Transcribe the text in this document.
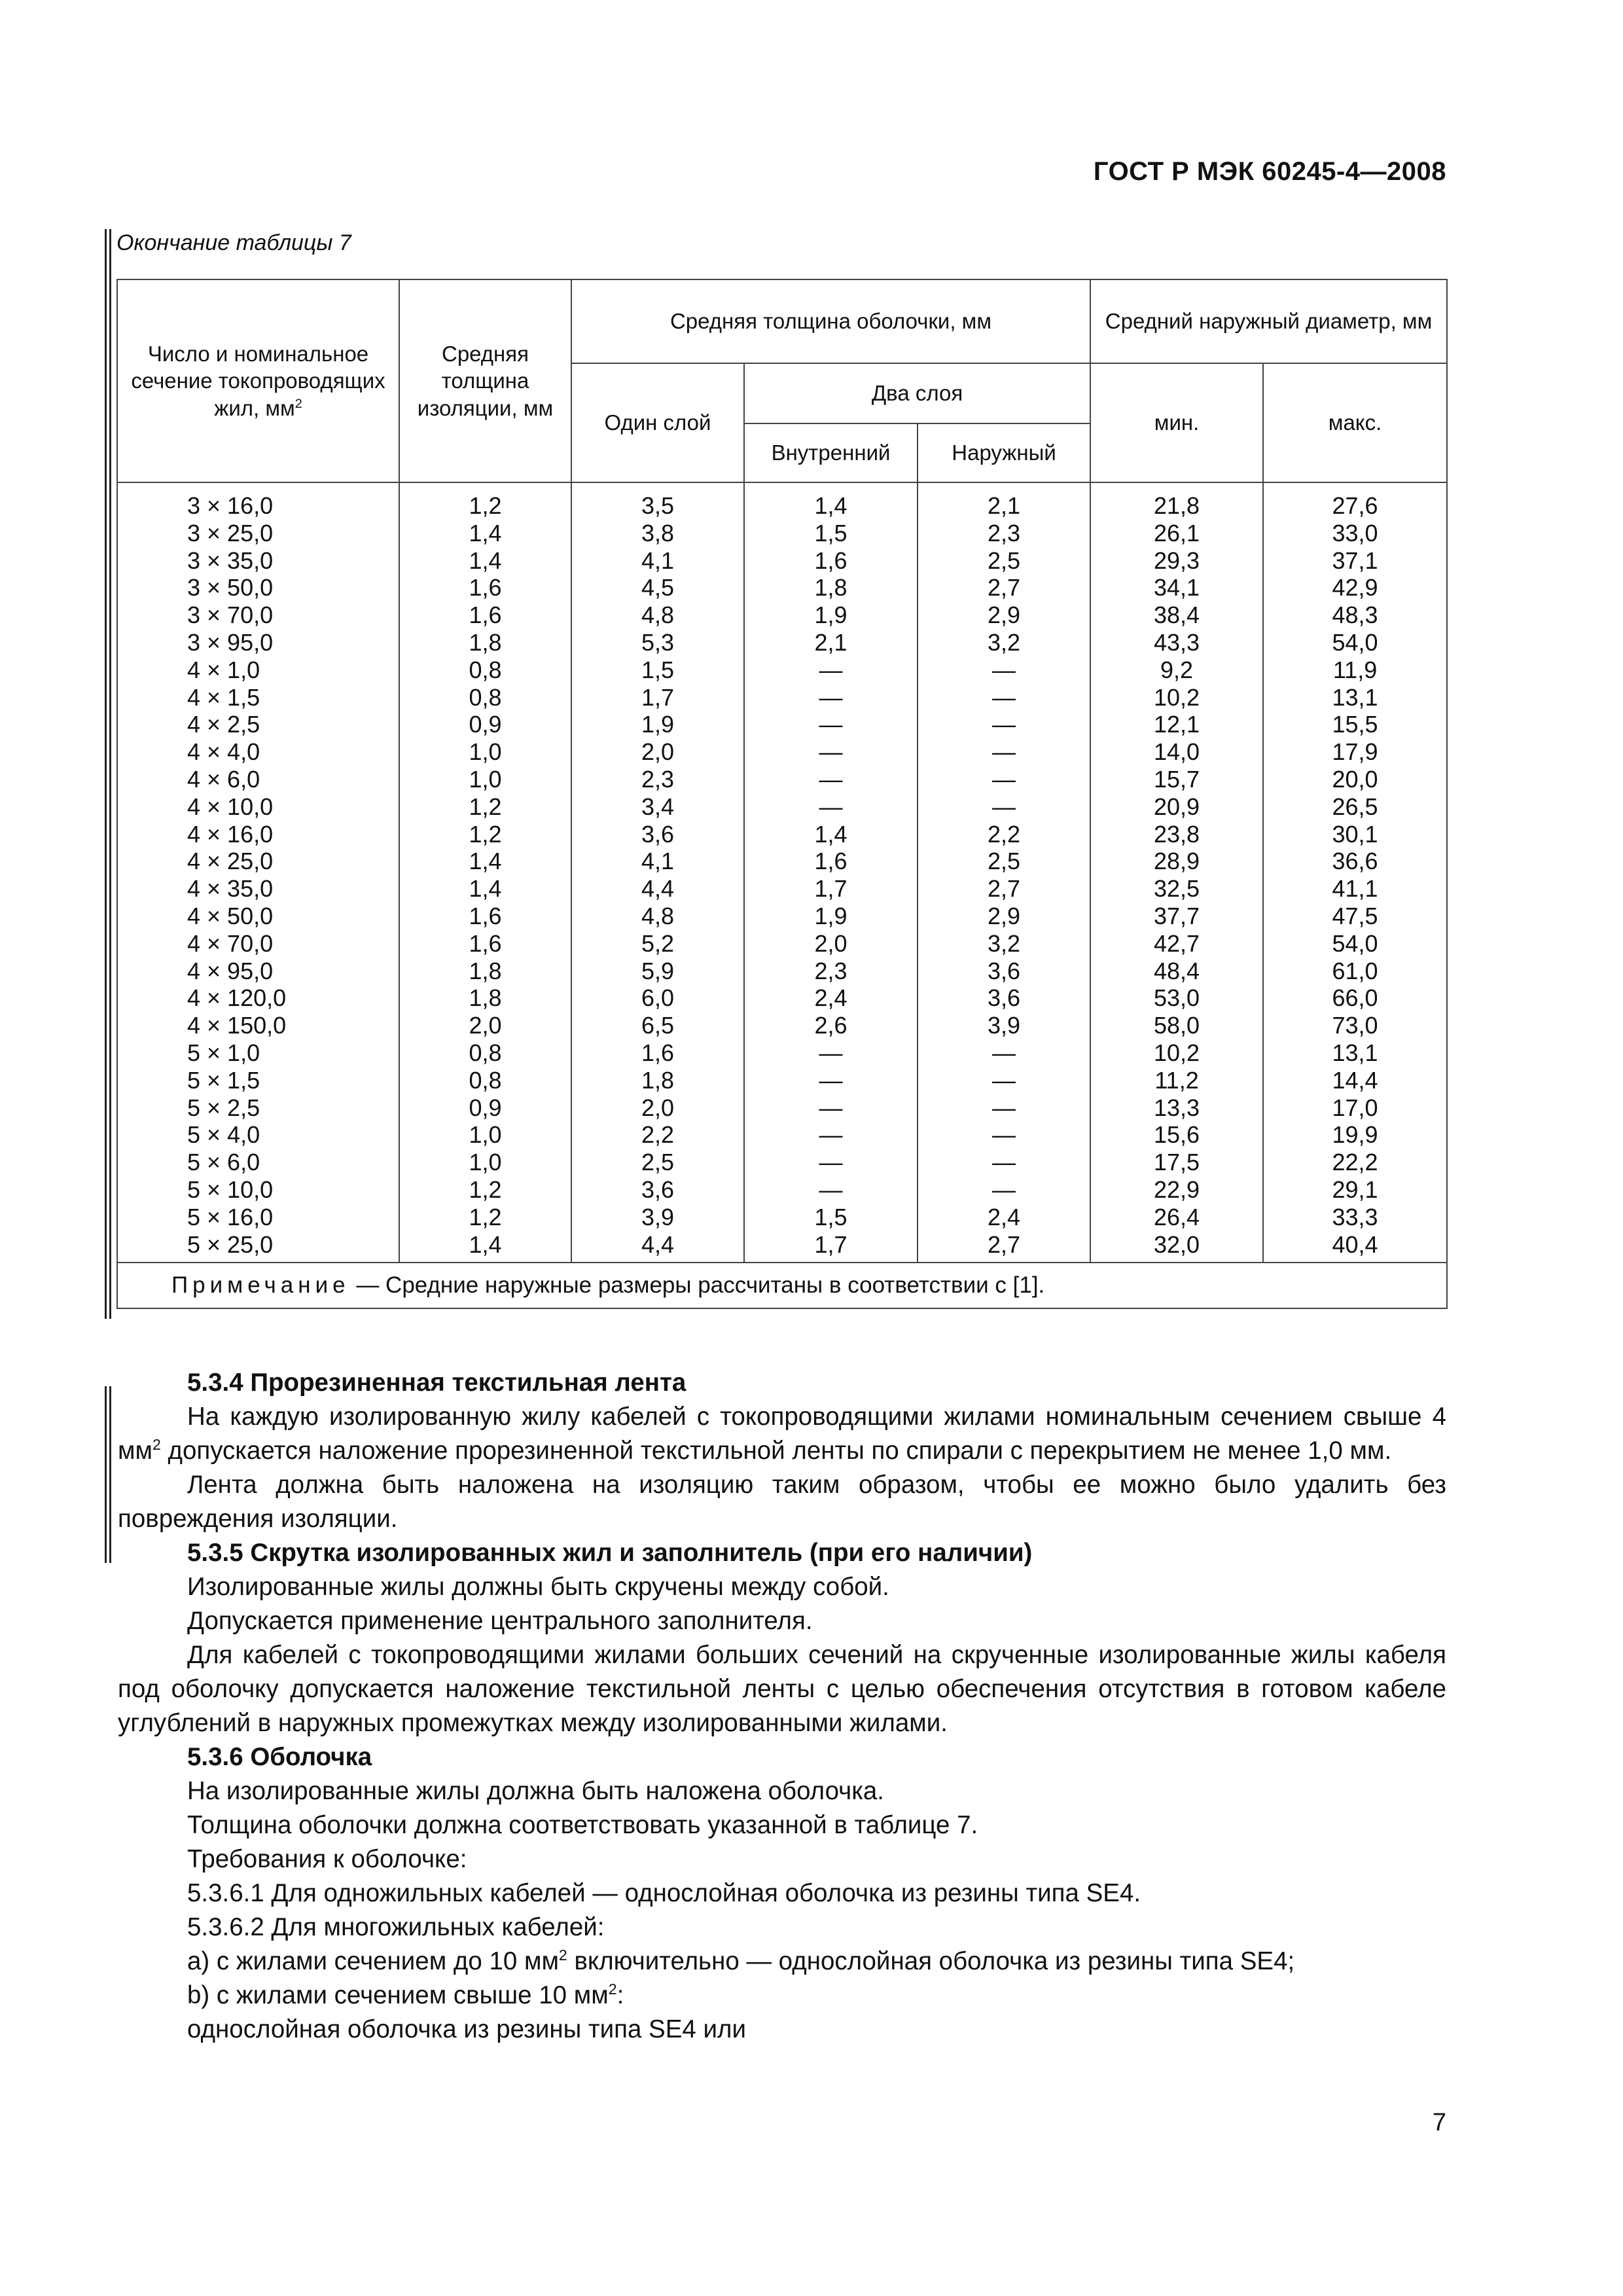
ГОСТ Р МЭК 60245-4—2008
Окончание таблицы 7
Число и номинальное сечение токопроводящих жил, $мм^2$	Средняя толщина изоляции, мм	Средняя толщина оболочки, мм			Средний наружный диаметр, мм	
		Один слой	Два слоя		мин.	макс.
			Внутренний	Наружный		
3 × 16,0	1,2	3,5	1,4	2,1	21,8	27,6
3 × 25,0	1,4	3,8	1,5	2,3	26,1	33,0
3 × 35,0	1,4	4,1	1,6	2,5	29,3	37,1
3 × 50,0	1,6	4,5	1,8	2,7	34,1	42,9
3 × 70,0	1,6	4,8	1,9	2,9	38,4	48,3
3 × 95,0	1,8	5,3	2,1	3,2	43,3	54,0
4 × 1,0	0,8	1,5	—	—	9,2	11,9
4 × 1,5	0,8	1,7	—	—	10,2	13,1
4 × 2,5	0,9	1,9	—	—	12,1	15,5
4 × 4,0	1,0	2,0	—	—	14,0	17,9
4 × 6,0	1,0	2,3	—	—	15,7	20,0
4 × 10,0	1,2	3,4	—	—	20,9	26,5
4 × 16,0	1,2	3,6	1,4	2,2	23,8	30,1
4 × 25,0	1,4	4,1	1,6	2,5	28,9	36,6
4 × 35,0	1,4	4,4	1,7	2,7	32,5	41,1
4 × 50,0	1,6	4,8	1,9	2,9	37,7	47,5
4 × 70,0	1,6	5,2	2,0	3,2	42,7	54,0
4 × 95,0	1,8	5,9	2,3	3,6	48,4	61,0
4 × 120,0	1,8	6,0	2,4	3,6	53,0	66,0
4 × 150,0	2,0	6,5	2,6	3,9	58,0	73,0
5 × 1,0	0,8	1,6	—	—	10,2	13,1
5 × 1,5	0,8	1,8	—	—	11,2	14,4
5 × 2,5	0,9	2,0	—	—	13,3	17,0
5 × 4,0	1,0	2,2	—	—	15,6	19,9
5 × 6,0	1,0	2,5	—	—	17,5	22,2
5 × 10,0	1,2	3,6	—	—	22,9	29,1
5 × 16,0	1,2	3,9	1,5	2,4	26,4	33,3
5 × 25,0	1,4	4,4	1,7	2,7	32,0	40,4
Примечание — Средние наружные размеры рассчитаны в соответствии с [1].						

5.3.4 Прорезиненная текстильная лента

На каждую изолированную жилу кабелей с токопроводящими жилами номинальным сечением свыше 4 $мм^2$ допускается наложение прорезиненной текстильной ленты по спирали с перекрытием не менее 1,0 мм.

Лента должна быть наложена на изоляцию таким образом, чтобы ее можно было удалить без повреждения изоляции.

5.3.5 Скрутка изолированных жил и заполнитель (при его наличии)

Изолированные жилы должны быть скручены между собой.

Допускается применение центрального заполнителя.

Для кабелей с токопроводящими жилами больших сечений на скрученные изолированные жилы кабеля под оболочку допускается наложение текстильной ленты с целью обеспечения отсутствия в готовом кабеле углублений в наружных промежутках между изолированными жилами.

5.3.6 Оболочка

На изолированные жилы должна быть наложена оболочка.

Толщина оболочки должна соответствовать указанной в таблице 7.

Требования к оболочке:

5.3.6.1 Для одножильных кабелей — однослойная оболочка из резины типа SE4.

5.3.6.2 Для многожильных кабелей:

a) с жилами сечением до 10 $мм^2$ включительно — однослойная оболочка из резины типа SE4;

b) с жилами сечением свыше 10 $мм^2$:

однослойная оболочка из резины типа SE4 или

7
